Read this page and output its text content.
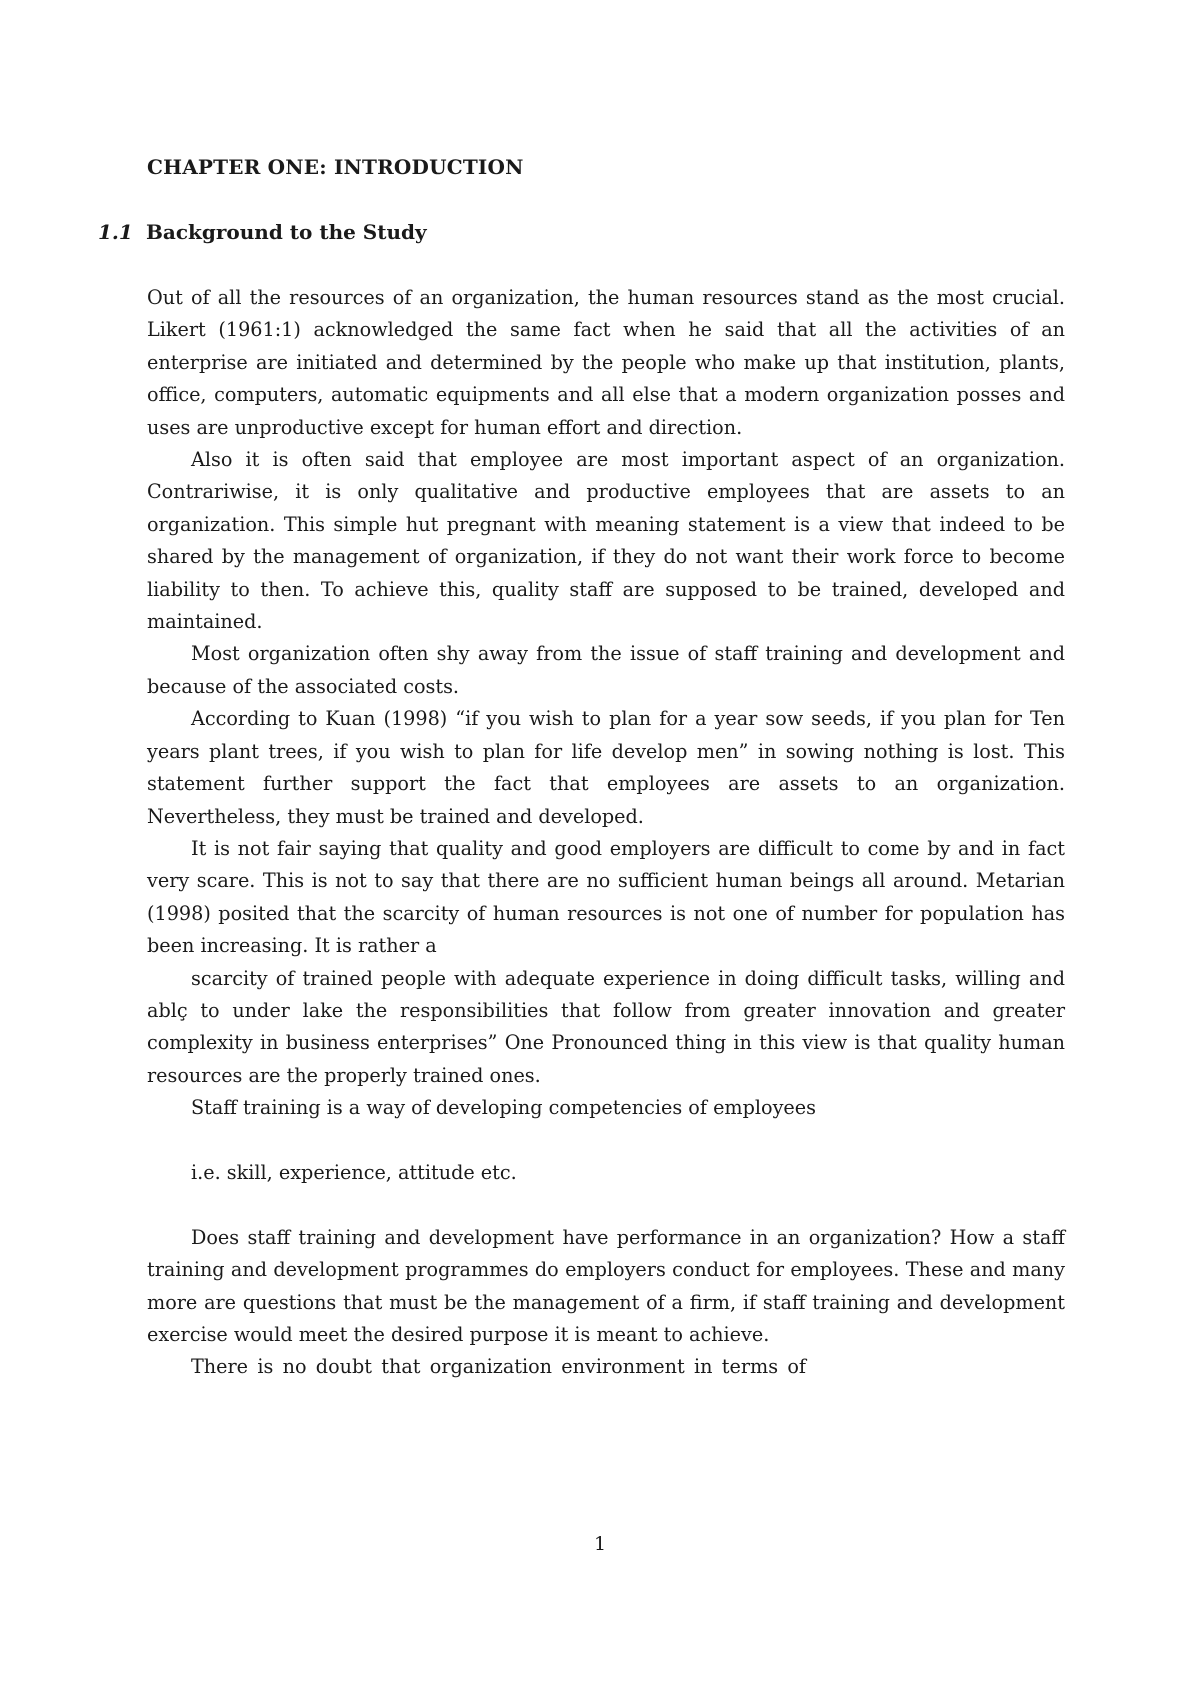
CHAPTER ONE: INTRODUCTION
1.1 Background to the Study

Out of all the resources of an organization, the human resources stand as the most crucial. Likert (1961:1) acknowledged the same fact when he said that all the activities of an enterprise are initiated and determined by the people who make up that institution, plants, office, computers, automatic equipments and all else that a modern organization posses and uses are unproductive except for human effort and direction.

Also it is often said that employee are most important aspect of an organization. Contrariwise, it is only qualitative and productive employees that are assets to an organization. This simple hut pregnant with meaning statement is a view that indeed to be shared by the management of organization, if they do not want their work force to become liability to then. To achieve this, quality staff are supposed to be trained, developed and maintained.

Most organization often shy away from the issue of staff training and development and because of the associated costs.

According to Kuan (1998) “if you wish to plan for a year sow seeds, if you plan for Ten years plant trees, if you wish to plan for life develop men” in sowing nothing is lost. This statement further support the fact that employees are assets to an organization. Nevertheless, they must be trained and developed.

It is not fair saying that quality and good employers are difficult to come by and in fact very scare. This is not to say that there are no sufficient human beings all around. Metarian (1998) posited that the scarcity of human resources is not one of number for population has been increasing. It is rather a

scarcity of trained people with adequate experience in doing difficult tasks, willing and ablç to under lake the responsibilities that follow from greater innovation and greater complexity in business enterprises” One Pronounced thing in this view is that quality human resources are the properly trained ones.

Staff training is a way of developing competencies of employees

i.e. skill, experience, attitude etc.

Does staff training and development have performance in an organization? How a staff training and development programmes do employers conduct for employees. These and many more are questions that must be the management of a firm, if staff training and development exercise would meet the desired purpose it is meant to achieve.

There is no doubt that organization environment in terms of

1
